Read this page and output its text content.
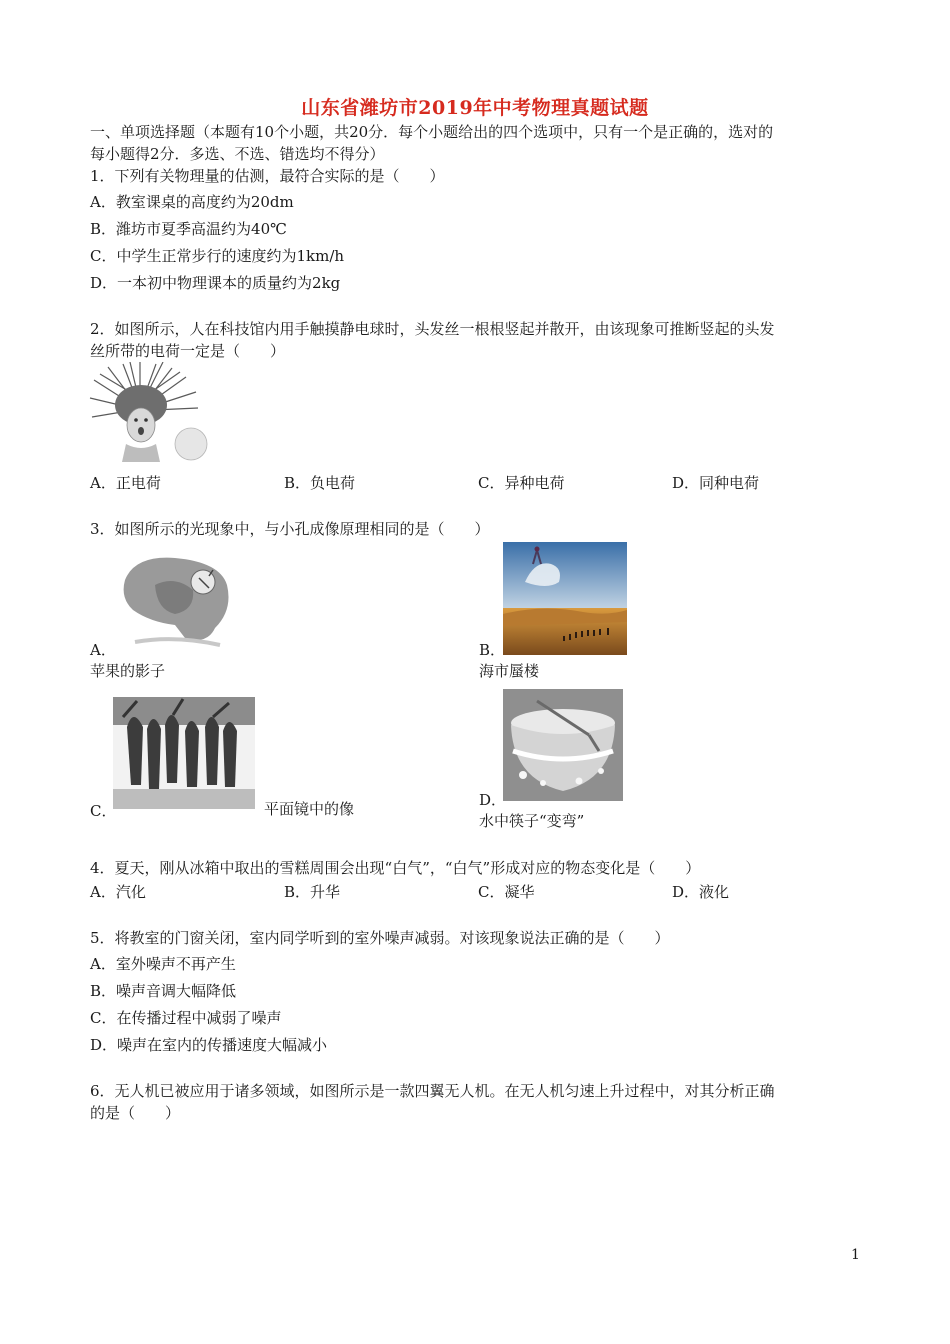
山东省潍坊市2019年中考物理真题试题
一、单项选择题（本题有10个小题，共20分．每个小题给出的四个选项中，只有一个是正确的，选对的
每小题得2分．多选、不选、错选均不得分）
1．下列有关物理量的估测，最符合实际的是（　　）
A．教室课桌的高度约为20dm
B．潍坊市夏季高温约为40℃
C．中学生正常步行的速度约为1km/h
D．一本初中物理课本的质量约为2kg
2．如图所示，人在科技馆内用手触摸静电球时，头发丝一根根竖起并散开，由该现象可推断竖起的头发
丝所带的电荷一定是（　　）
A．正电荷	B．负电荷	C．异种电荷	D．同种电荷
3．如图所示的光现象中，与小孔成像原理相同的是（　　）
A．
苹果的影子
B．
海市蜃楼
C．	平面镜中的像	D．
水中筷子“变弯”
4．夏天，刚从冰箱中取出的雪糕周围会出现“白气”，“白气”形成对应的物态变化是（　　）
A．汽化	B．升华	C．凝华	D．液化
5．将教室的门窗关闭，室内同学听到的室外噪声减弱。对该现象说法正确的是（　　）
A．室外噪声不再产生
B．噪声音调大幅降低
C．在传播过程中减弱了噪声
D．噪声在室内的传播速度大幅减小
6．无人机已被应用于诸多领域，如图所示是一款四翼无人机。在无人机匀速上升过程中，对其分析正确
的是（　　）
1
